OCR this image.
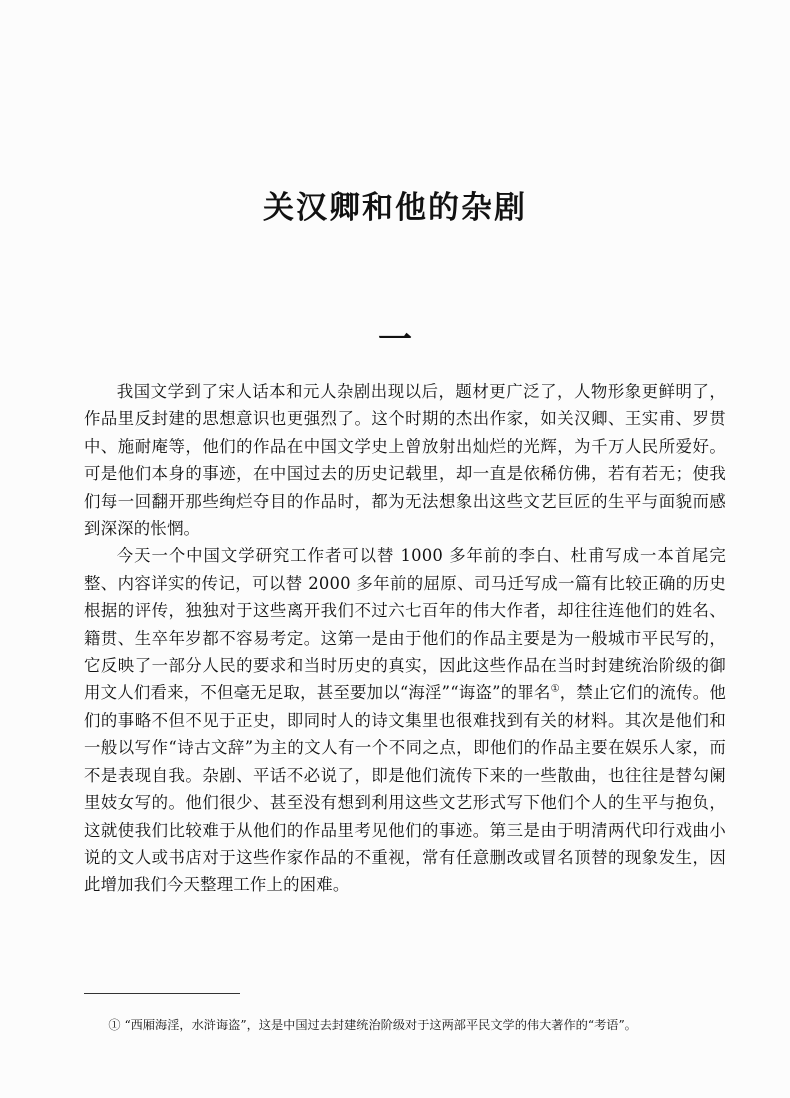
关汉卿和他的杂剧
一

我国文学到了宋人话本和元人杂剧出现以后，题材更广泛了，人物形象更鲜明了，作品里反封建的思想意识也更强烈了。这个时期的杰出作家，如关汉卿、王实甫、罗贯中、施耐庵等，他们的作品在中国文学史上曾放射出灿烂的光辉，为千万人民所爱好。可是他们本身的事迹，在中国过去的历史记载里，却一直是依稀仿佛，若有若无；使我们每一回翻开那些绚烂夺目的作品时，都为无法想象出这些文艺巨匠的生平与面貌而感到深深的怅惘。

今天一个中国文学研究工作者可以替 1000 多年前的李白、杜甫写成一本首尾完整、内容详实的传记，可以替 2000 多年前的屈原、司马迁写成一篇有比较正确的历史根据的评传，独独对于这些离开我们不过六七百年的伟大作者，却往往连他们的姓名、籍贯、生卒年岁都不容易考定。这第一是由于他们的作品主要是为一般城市平民写的，它反映了一部分人民的要求和当时历史的真实，因此这些作品在当时封建统治阶级的御用文人们看来，不但毫无足取，甚至要加以“海淫”“诲盗”的罪名①，禁止它们的流传。他们的事略不但不见于正史，即同时人的诗文集里也很难找到有关的材料。其次是他们和一般以写作“诗古文辞”为主的文人有一个不同之点，即他们的作品主要在娱乐人家，而不是表现自我。杂剧、平话不必说了，即是他们流传下来的一些散曲，也往往是替勾阑里妓女写的。他们很少、甚至没有想到利用这些文艺形式写下他们个人的生平与抱负，这就使我们比较难于从他们的作品里考见他们的事迹。第三是由于明清两代印行戏曲小说的文人或书店对于这些作家作品的不重视，常有任意删改或冒名顶替的现象发生，因此增加我们今天整理工作上的困难。

① “西厢海淫，水浒诲盗”，这是中国过去封建统治阶级对于这两部平民文学的伟大著作的“考语”。
